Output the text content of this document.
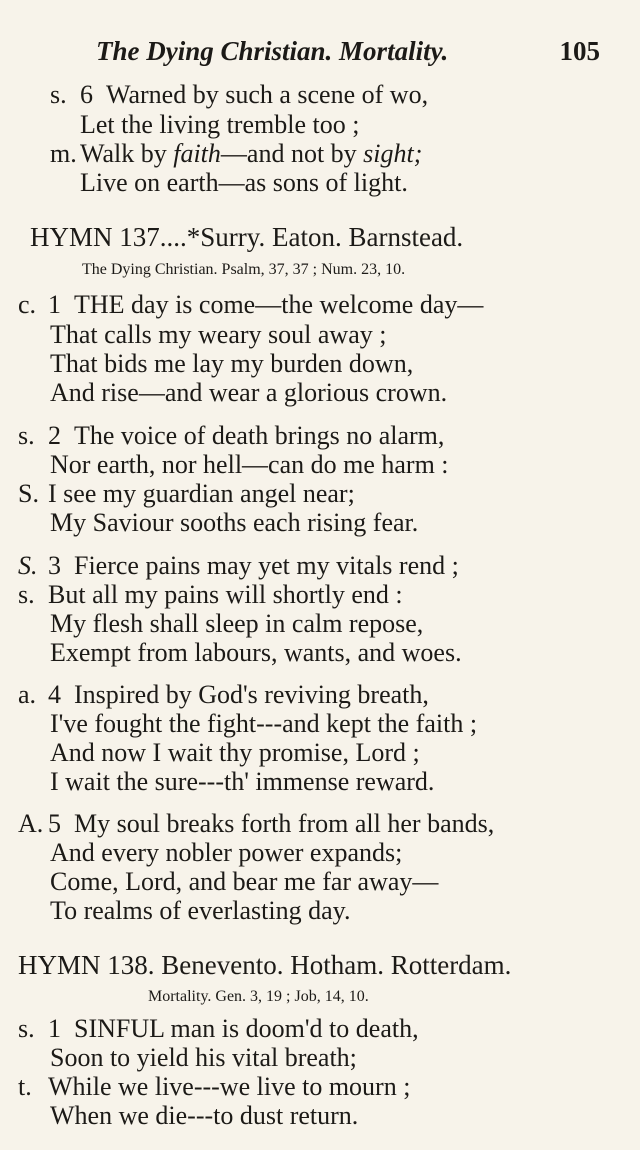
The Dying Christian. Mortality.	105
s. 6 Warned by such a scene of wo,
Let the living tremble too ;
m. Walk by faith—and not by sight;
Live on earth—as sons of light.
HYMN 137....*Surry. Eaton. Barnstead.
The Dying Christian. Psalm, 37, 37 ; Num. 23, 10.
c. 1 THE day is come—the welcome day—
That calls my weary soul away ;
That bids me lay my burden down,
And rise—and wear a glorious crown.
s. 2 The voice of death brings no alarm,
Nor earth, nor hell—can do me harm :
S. I see my guardian angel near;
My Saviour sooths each rising fear.
S. 3 Fierce pains may yet my vitals rend ;
s. But all my pains will shortly end :
My flesh shall sleep in calm repose,
Exempt from labours, wants, and woes.
a. 4 Inspired by God's reviving breath,
I've fought the fight---and kept the faith ;
And now I wait thy promise, Lord ;
I wait the sure---th' immense reward.
A. 5 My soul breaks forth from all her bands,
And every nobler power expands;
Come, Lord, and bear me far away—
To realms of everlasting day.
HYMN 138. Benevento. Hotham. Rotterdam.
Mortality. Gen. 3, 19 ; Job, 14, 10.
s. 1 SINFUL man is doom'd to death,
Soon to yield his vital breath;
t. While we live---we live to mourn ;
When we die---to dust return.
